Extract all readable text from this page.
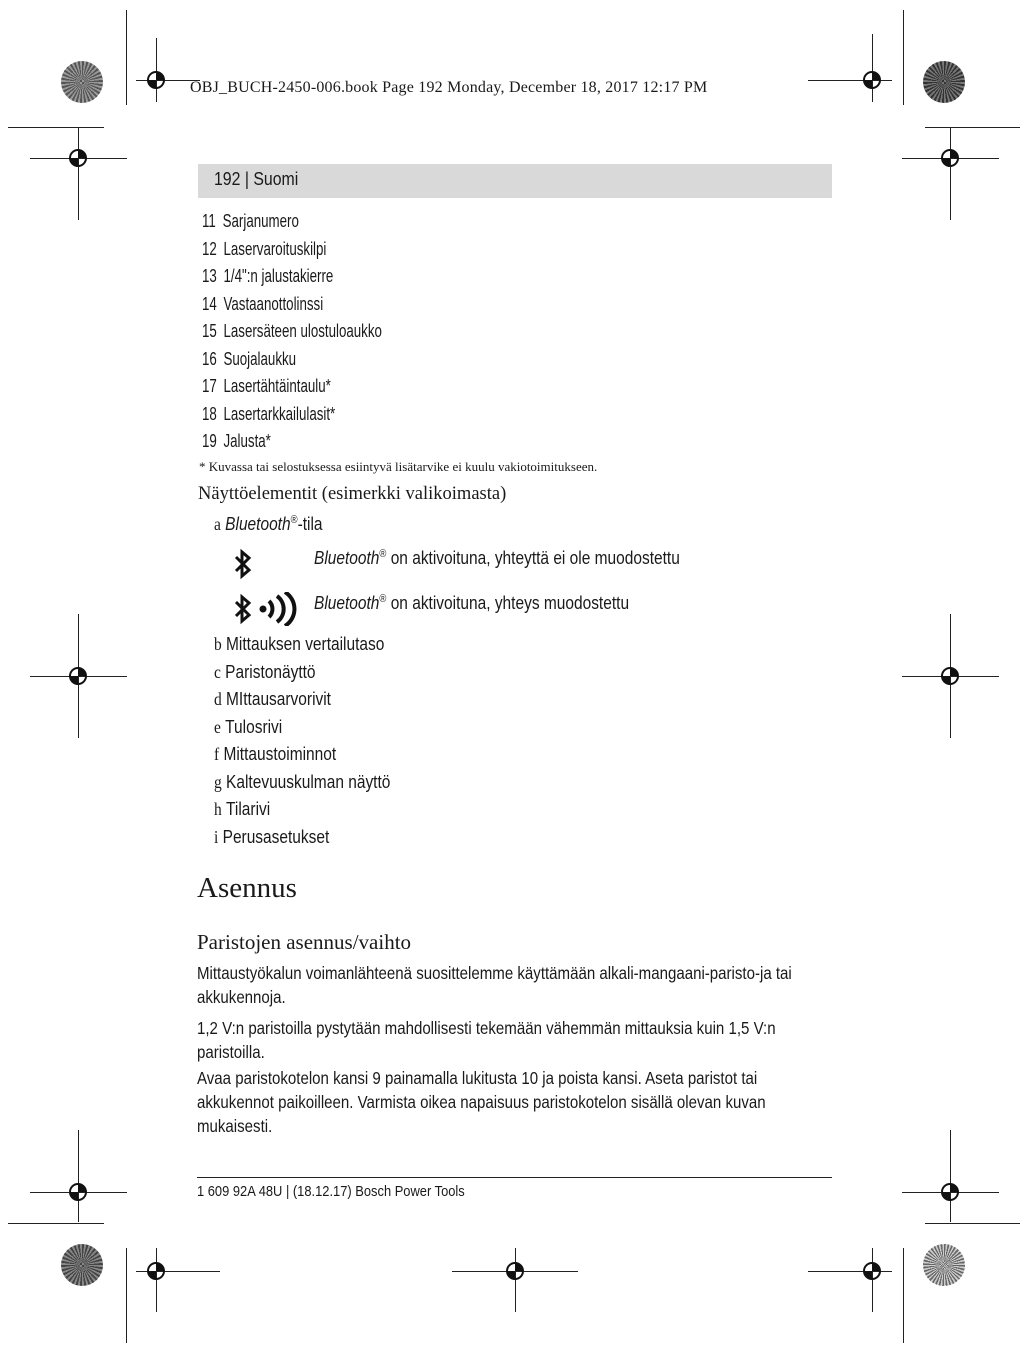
OBJ_BUCH-2450-006.book Page 192 Monday, December 18, 2017 12:17 PM
192 | Suomi
11 Sarjanumero
12 Laservaroituskilpi
13 1/4":n jalustakierre
14 Vastaanottolinssi
15 Lasersäteen ulostuloaukko
16 Suojalaukku
17 Lasertähtäintaulu*
18 Lasertarkkailulasit*
19 Jalusta*
* Kuvassa tai selostuksessa esiintyvä lisätarvike ei kuulu vakiotoimitukseen.
Näyttöelementit (esimerkki valikoimasta)
a Bluetooth®-tila
Bluetooth® on aktivoituna, yhteyttä ei ole muodostettu
Bluetooth® on aktivoituna, yhteys muodostettu
b Mittauksen vertailutaso
c Paristonäyttö
d MIttausarvorivit
e Tulosrivi
f Mittaustoiminnot
g Kaltevuuskulman näyttö
h Tilarivi
i Perusasetukset
Asennus
Paristojen asennus/vaihto
Mittaustyökalun voimanlähteenä suosittelemme käyttämään alkali-mangaani-paristo-ja tai akkukennoja.
1,2 V:n paristoilla pystytään mahdollisesti tekemään vähemmän mittauksia kuin 1,5 V:n paristoilla.
Avaa paristokotelon kansi 9 painamalla lukitusta 10 ja poista kansi. Aseta paristot tai akkukennot paikoilleen. Varmista oikea napaisuus paristokotelon sisällä olevan kuvan mukaisesti.
1 609 92A 48U | (18.12.17) Bosch Power Tools
